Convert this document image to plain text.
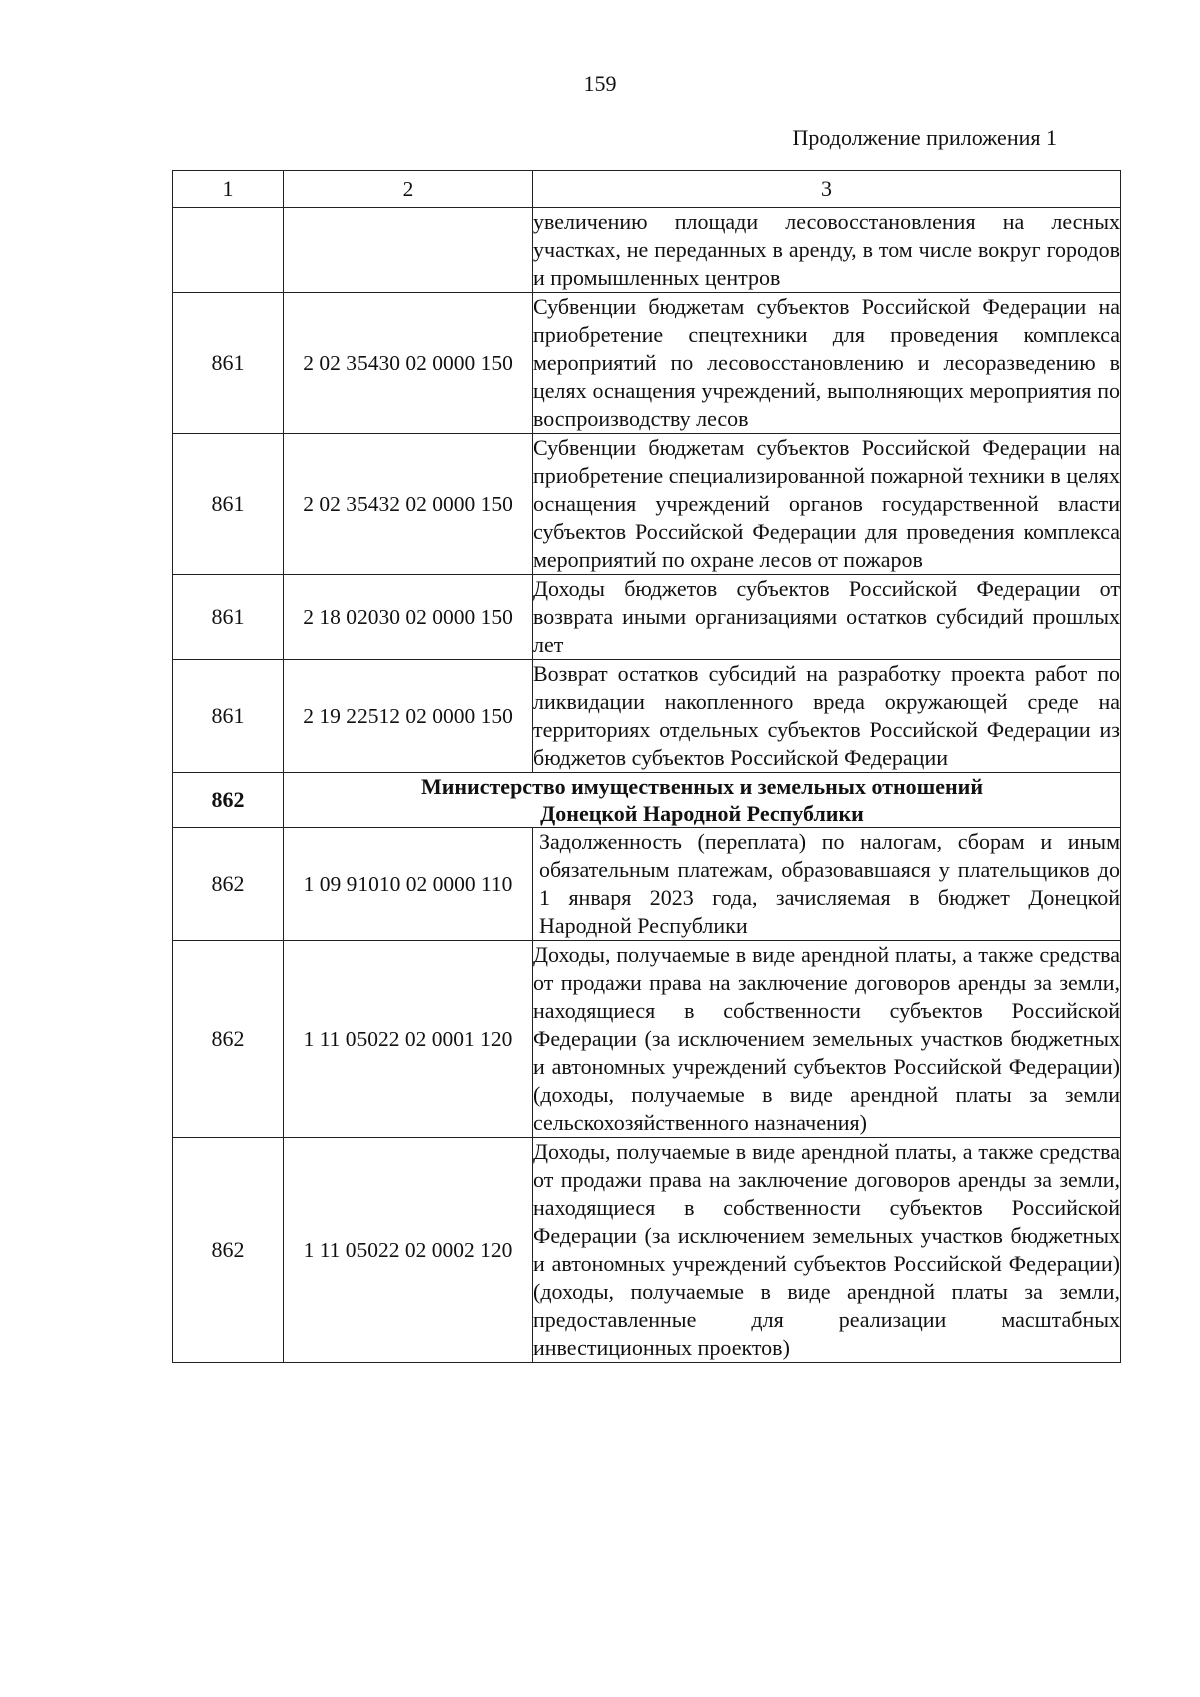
159
Продолжение приложения 1
1	2	3
		увеличению площади лесовосстановления на лесных участках, не переданных в аренду, в том числе вокруг городов и промышленных центров
861	2 02 35430 02 0000 150	Субвенции бюджетам субъектов Российской Федерации на приобретение спецтехники для проведения комплекса мероприятий по лесовосстановлению и лесоразведению в целях оснащения учреждений, выполняющих мероприятия по воспроизводству лесов
861	2 02 35432 02 0000 150	Субвенции бюджетам субъектов Российской Федерации на приобретение специализированной пожарной техники в целях оснащения учреждений органов государственной власти субъектов Российской Федерации для проведения комплекса мероприятий по охране лесов от пожаров
861	2 18 02030 02 0000 150	Доходы бюджетов субъектов Российской Федерации от возврата иными организациями остатков субсидий прошлых лет
861	2 19 22512 02 0000 150	Возврат остатков субсидий на разработку проекта работ по ликвидации накопленного вреда окружающей среде на территориях отдельных субъектов Российской Федерации из бюджетов субъектов Российской Федерации
862	Министерство имущественных и земельных отношений
Донецкой Народной Республики	

862	1 09 91010 02 0000 110	Задолженность (переплата) по налогам, сборам и иным обязательным платежам, образовавшаяся у плательщиков до 1 января 2023 года, зачисляемая в бюджет Донецкой Народной Республики
862	1 11 05022 02 0001 120	Доходы, получаемые в виде арендной платы, а также средства от продажи права на заключение договоров аренды за земли, находящиеся в собственности субъектов Российской Федерации (за исключением земельных участков бюджетных и автономных учреждений субъектов Российской Федерации) (доходы, получаемые в виде арендной платы за земли сельскохозяйственного назначения)
862	1 11 05022 02 0002 120	Доходы, получаемые в виде арендной платы, а также средства от продажи права на заключение договоров аренды за земли, находящиеся в собственности субъектов Российской Федерации (за исключением земельных участков бюджетных и автономных учреждений субъектов Российской Федерации) (доходы, получаемые в виде арендной платы за земли, предоставленные для реализации масштабных инвестиционных проектов)
